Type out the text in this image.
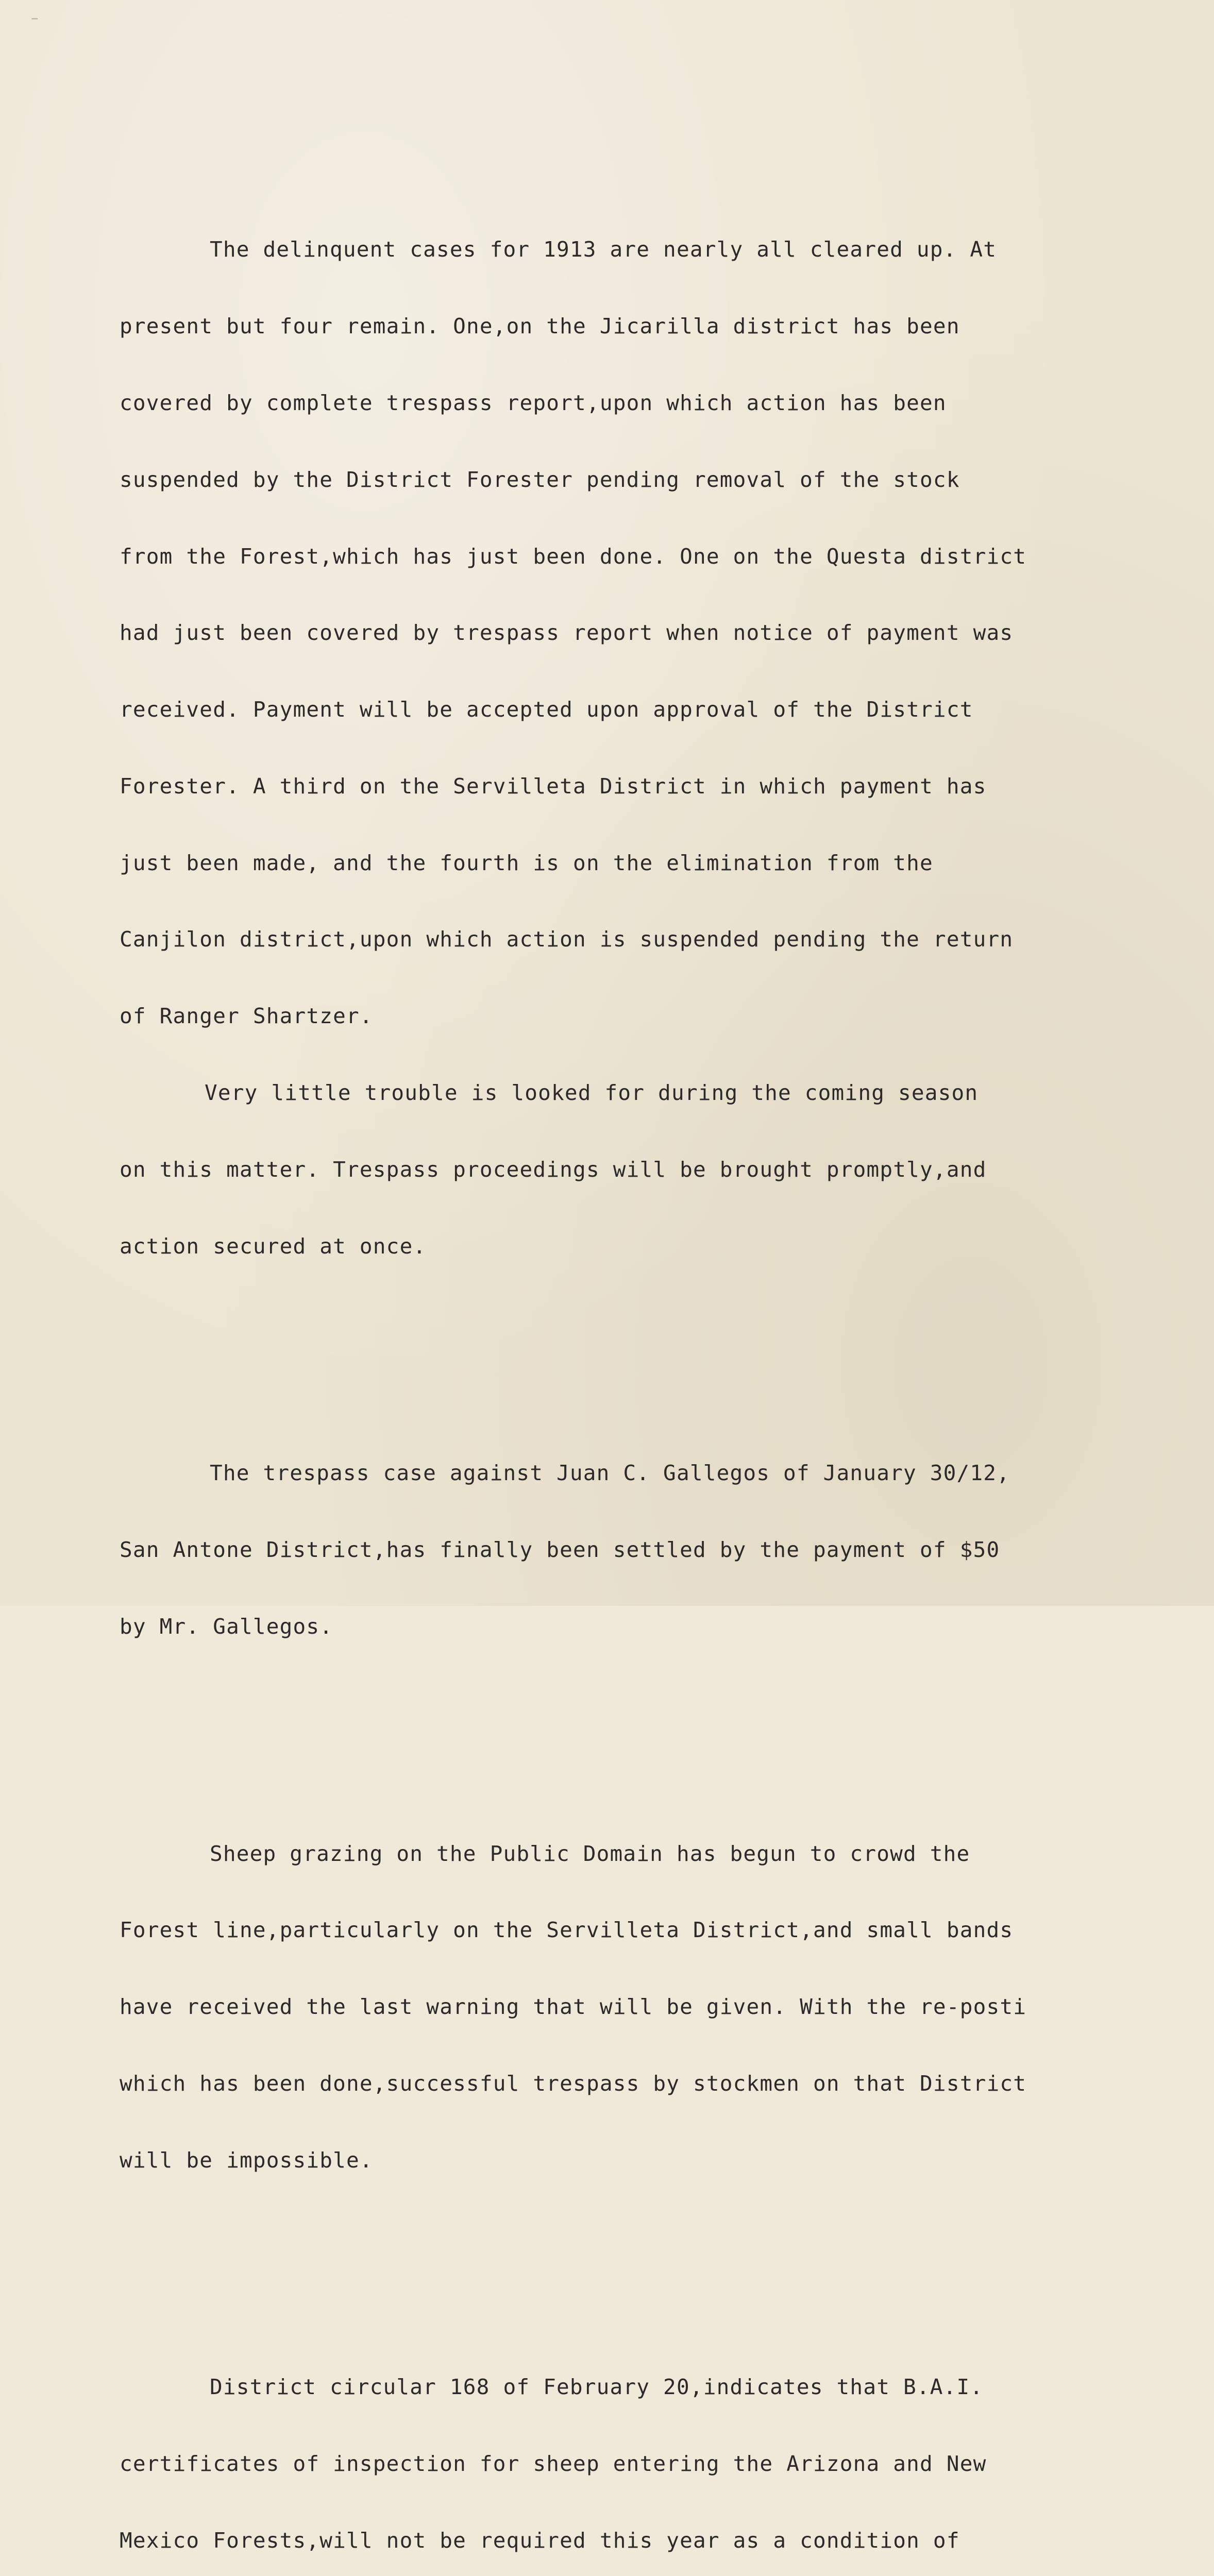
–

The delinquent cases for 1913 are nearly all cleared up. At

present but four remain. One,on the Jicarilla district has been

covered by complete trespass report,upon which action has been

suspended by the District Forester pending removal of the stock

from the Forest,which has just been done. One on the Questa district

had just been covered by trespass report when notice of payment was

received. Payment will be accepted upon approval of the District

Forester. A third on the Servilleta District in which payment has

just been made, and the fourth is on the elimination from the

Canjilon district,upon which action is suspended pending the return

of Ranger Shartzer.

Very little trouble is looked for during the coming season

on this matter. Trespass proceedings will be brought promptly,and

action secured at once.

The trespass case against Juan C. Gallegos of January 30/12,

San Antone District,has finally been settled by the payment of $50

by Mr. Gallegos.

Sheep grazing on the Public Domain has begun to crowd the

Forest line,particularly on the Servilleta District,and small bands

have received the last warning that will be given. With the re-posti

which has been done,successful trespass by stockmen on that District

will be impossible.

District circular 168 of February 20,indicates that B.A.I.

certificates of inspection for sheep entering the Arizona and New

Mexico Forests,will not be required this year as a condition of
